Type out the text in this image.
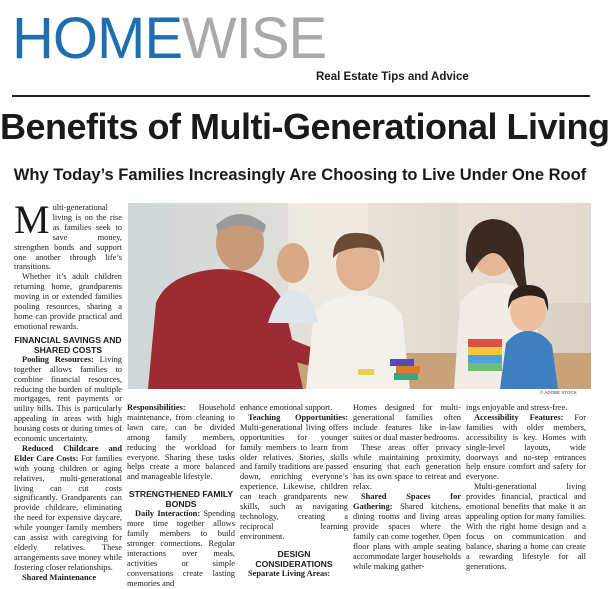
HOMEWISE
Real Estate Tips and Advice
Benefits of Multi-Generational Living
Why Today’s Families Increasingly Are Choosing to Live Under One Roof

Multi-generational living is on the rise as families seek to save money, strengthen bonds and support one another through life’s transitions.

Whether it’s adult children returning home, grandparents moving in or extended families pooling resources, sharing a home can provide practical and emotional rewards.

FINANCIAL SAVINGS AND SHARED COSTS

Pooling Resources: Living together allows families to combine financial resources, reducing the burden of multiple mortgages, rent payments or utility bills. This is particularly appealing in areas with high housing costs or during times of economic uncertainty.

Reduced Childcare and Elder Care Costs: For families with young children or aging relatives, multi-generational living can cut costs significantly. Grandparents can provide childcare, eliminating the need for expensive daycare, while younger family members can assist with caregiving for elderly relatives. These arrangements save money while fostering closer relationships.

Shared Maintenance

© ADOBE STOCK

Responsibilities: Household maintenance, from cleaning to lawn care, can be divided among family members, reducing the workload for everyone. Sharing these tasks helps create a more balanced and manageable lifestyle.

STRENGTHENED FAMILY BONDS

Daily Interaction: Spending more time together allows family members to build stronger connections. Regular interactions over meals, activities or simple conversations create lasting memories and

enhance emotional support.

Teaching Opportunities: Multi-generational living offers opportunities for younger family members to learn from older relatives. Stories, skills and family traditions are passed down, enriching everyone’s experience. Likewise, children can teach grandparents new skills, such as navigating technology, creating a reciprocal learning environment.

DESIGN CONSIDERATIONS

Separate Living Areas:

Homes designed for multi-generational families often include features like in-law suites or dual master bedrooms.

These areas offer privacy while maintaining proximity, ensuring that each generation has its own space to retreat and relax.

Shared Spaces for Gathering: Shared kitchens, dining rooms and living areas provide spaces where the family can come together. Open floor plans with ample seating accommodate larger households while making gather-

ings enjoyable and stress-free.

Accessibility Features: For families with older members, accessibility is key. Homes with single-level layouts, wide doorways and no-step entrances help ensure comfort and safety for everyone.

Multi-generational living provides financial, practical and emotional benefits that make it an appealing option for many families. With the right home design and a focus on communication and balance, sharing a home can create a rewarding lifestyle for all generations.
